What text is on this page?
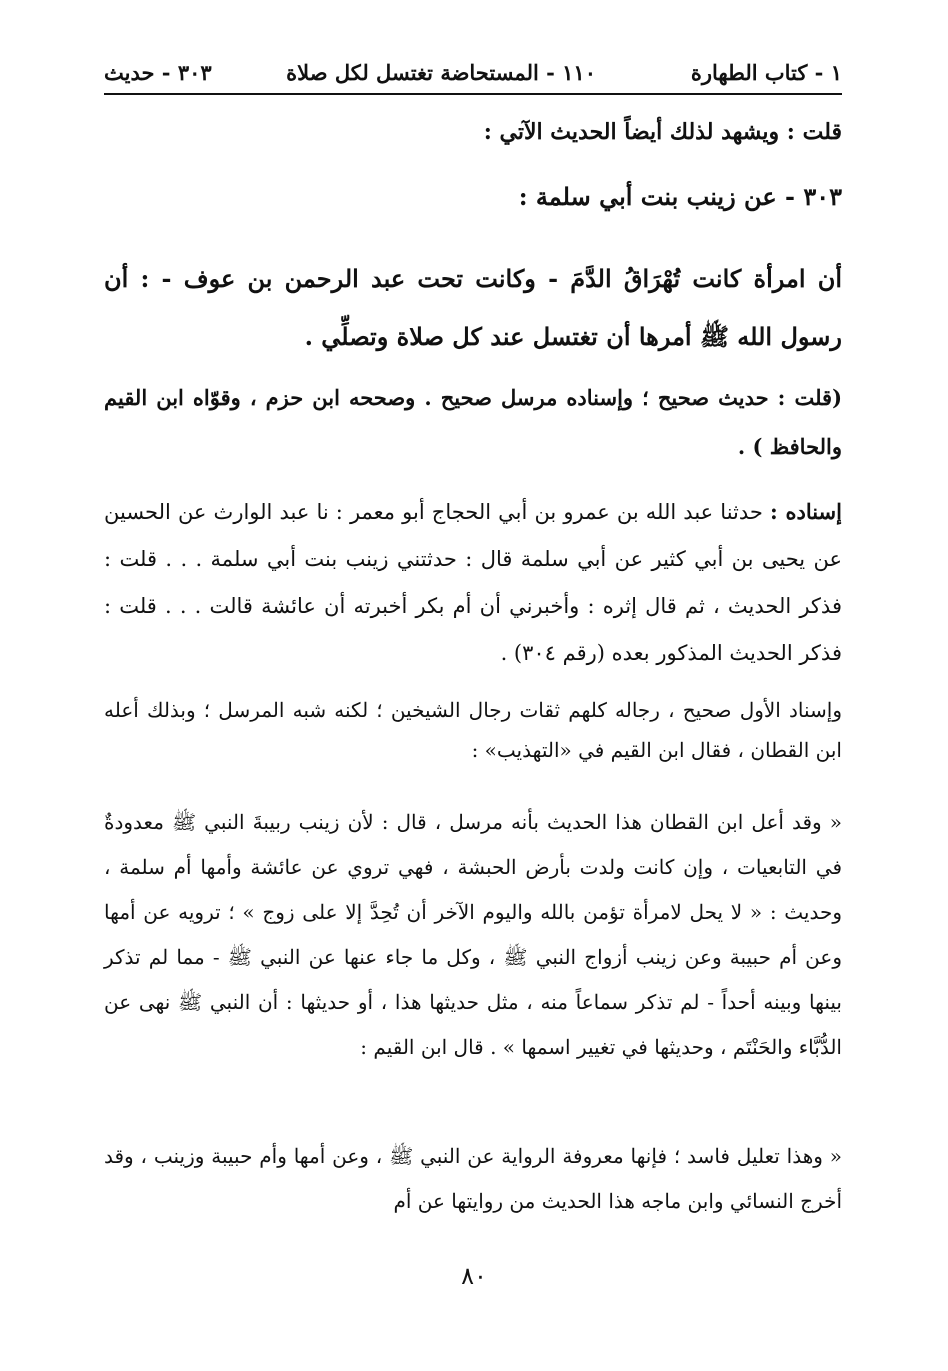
١ - كتاب الطهارة
١١٠ - المستحاضة تغتسل لكل صلاة
٣٠٣ - حديث
قلت : ويشهد لذلك أيضاً الحديث الآتي :
٣٠٣ - عن زينب بنت أبي سلمة :
أن امرأة كانت تُهْرَاقُ الدَّمَ - وكانت تحت عبد الرحمن بن عوف - : أن رسول الله ﷺ أمرها أن تغتسل عند كل صلاة وتصلِّي .
(قلت : حديث صحيح ؛ وإسناده مرسل صحيح . وصححه ابن حزم ، وقوّاه ابن القيم والحافظ ) .
إسناده : حدثنا عبد الله بن عمرو بن أبي الحجاج أبو معمر : نا عبد الوارث عن الحسين عن يحيى بن أبي كثير عن أبي سلمة قال : حدثتني زينب بنت أبي سلمة . . . قلت : فذكر الحديث ، ثم قال إثره : وأخبرني أن أم بكر أخبرته أن عائشة قالت . . . قلت : فذكر الحديث المذكور بعده (رقم ٣٠٤) .
وإسناد الأول صحيح ، رجاله كلهم ثقات رجال الشيخين ؛ لكنه شبه المرسل ؛ وبذلك أعله ابن القطان ، فقال ابن القيم في «التهذيب» :
« وقد أعل ابن القطان هذا الحديث بأنه مرسل ، قال : لأن زينب ربيبةَ النبي ﷺ معدودةٌ في التابعيات ، وإن كانت ولدت بأرض الحبشة ، فهي تروي عن عائشة وأمها أم سلمة ، وحديث : « لا يحل لامرأة تؤمن بالله واليوم الآخر أن تُحِدَّ إلا على زوج » ؛ ترويه عن أمها وعن أم حبيبة وعن زينب أزواج النبي ﷺ ، وكل ما جاء عنها عن النبي ﷺ - مما لم تذكر بينها وبينه أحداً - لم تذكر سماعاً منه ، مثل حديثها هذا ، أو حديثها : أن النبي ﷺ نهى عن الدُّبَّاء والحَنْتَم ، وحديثها في تغيير اسمها » . قال ابن القيم :
« وهذا تعليل فاسد ؛ فإنها معروفة الرواية عن النبي ﷺ ، وعن أمها وأم حبيبة وزينب ، وقد أخرج النسائي وابن ماجه هذا الحديث من روايتها عن أم
٨٠
